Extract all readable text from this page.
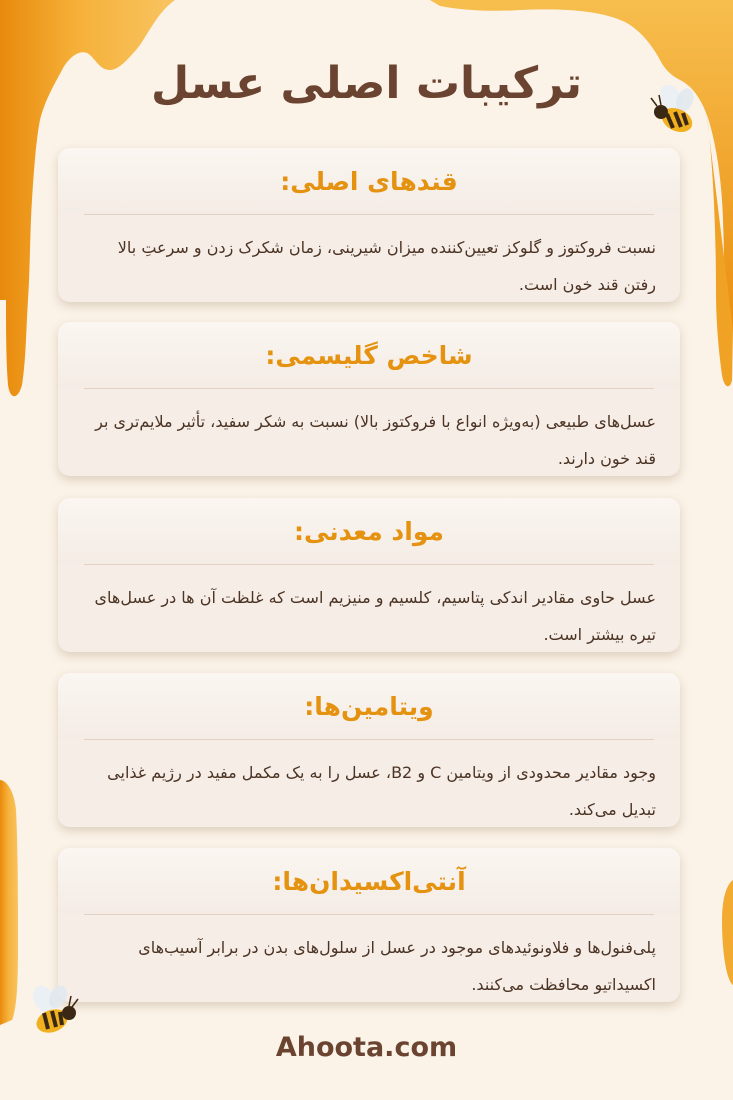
ترکیبات اصلی عسل
قندهای اصلی:
نسبت فروکتوز و گلوکز تعیین‌کننده میزان شیرینی، زمان شکرک زدن و سرعتِ بالا رفتن قند خون است.
شاخص گلیسمی:
عسل‌های طبیعی (به‌ویژه انواع با فروکتوز بالا) نسبت به شکر سفید، تأثیر ملایم‌تری بر قند خون دارند.
مواد معدنی:
عسل حاوی مقادیر اندکی پتاسیم، کلسیم و منیزیم است که غلظت آن ها در عسل‌های تیره بیشتر است.
ویتامین‌ها:
وجود مقادیر محدودی از ویتامین C و B2، عسل را به یک مکمل مفید در رژیم غذایی تبدیل می‌کند.
آنتی‌اکسیدان‌ها:
پلی‌فنول‌ها و فلاونوئیدهای موجود در عسل از سلول‌های بدن در برابر آسیب‌های اکسیداتیو محافظت می‌کنند.
Ahoota.com
